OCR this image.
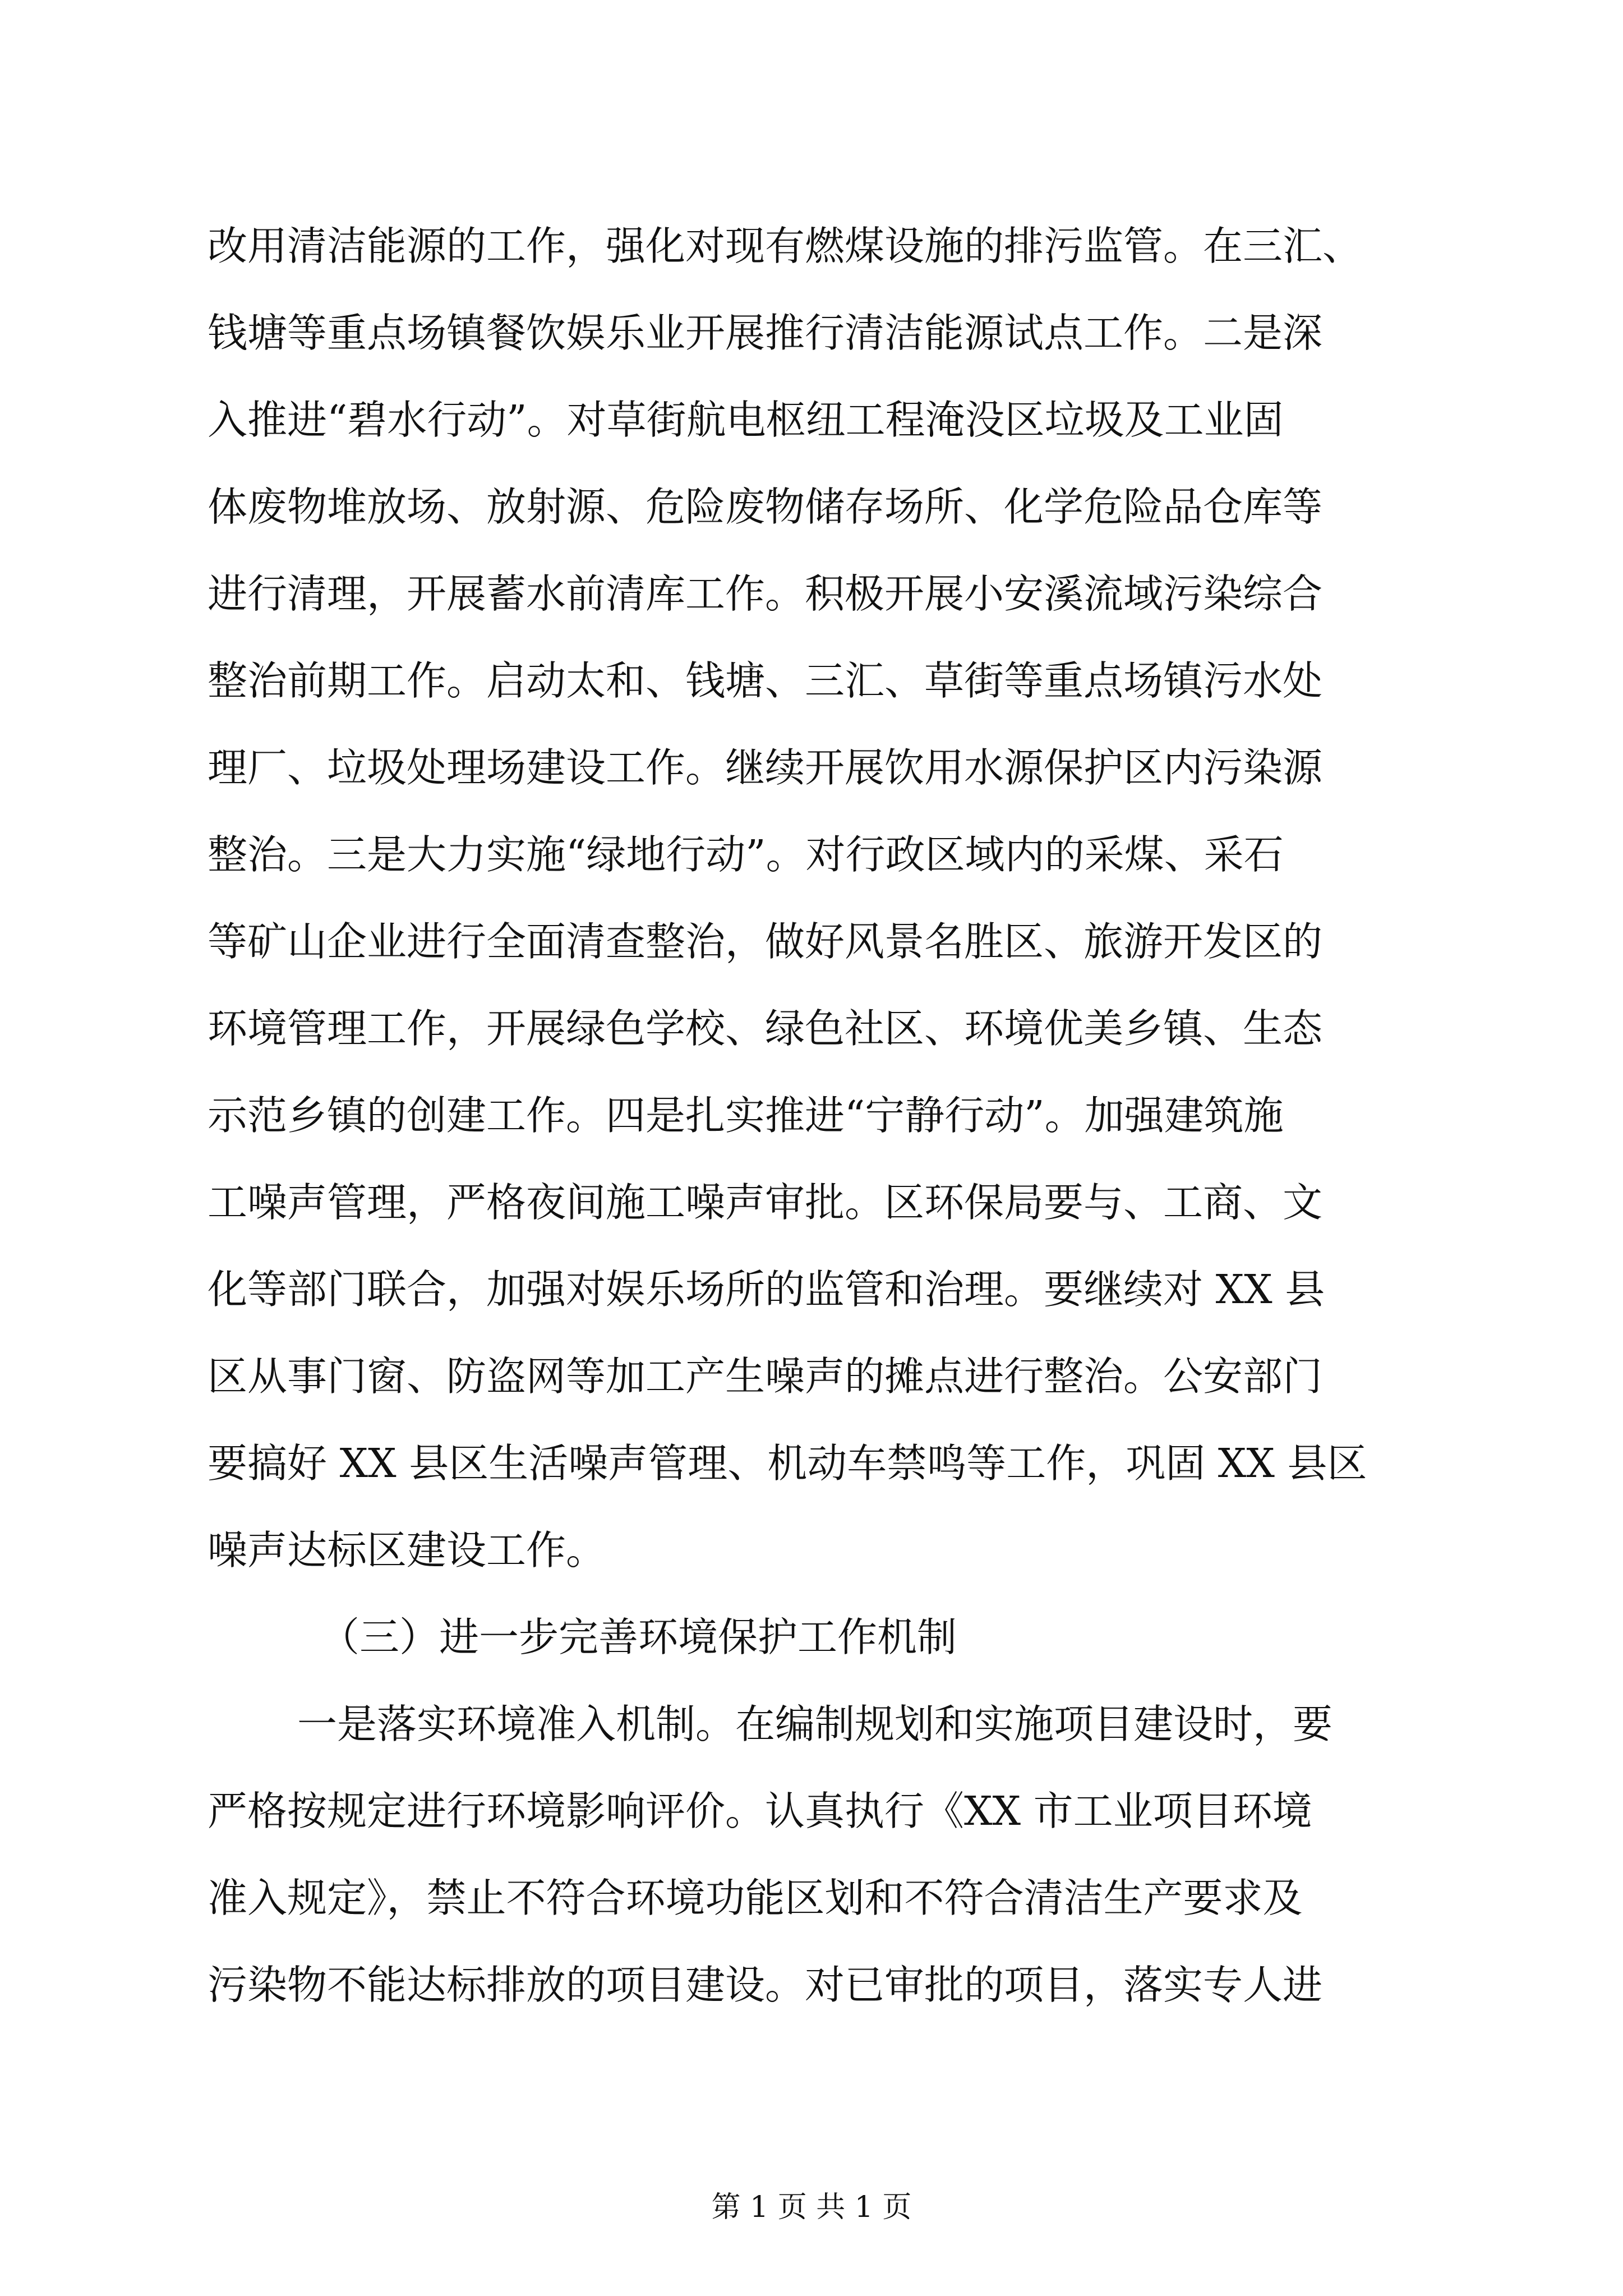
改用清洁能源的工作，强化对现有燃煤设施的排污监管。在三汇、
钱塘等重点场镇餐饮娱乐业开展推行清洁能源试点工作。二是深
入推进“碧水行动”。对草街航电枢纽工程淹没区垃圾及工业固
体废物堆放场、放射源、危险废物储存场所、化学危险品仓库等
进行清理，开展蓄水前清库工作。积极开展小安溪流域污染综合
整治前期工作。启动太和、钱塘、三汇、草街等重点场镇污水处
理厂、垃圾处理场建设工作。继续开展饮用水源保护区内污染源
整治。三是大力实施“绿地行动”。对行政区域内的采煤、采石
等矿山企业进行全面清查整治，做好风景名胜区、旅游开发区的
环境管理工作，开展绿色学校、绿色社区、环境优美乡镇、生态
示范乡镇的创建工作。四是扎实推进“宁静行动”。加强建筑施
工噪声管理，严格夜间施工噪声审批。区环保局要与、工商、文
化等部门联合，加强对娱乐场所的监管和治理。要继续对 XX 县
区从事门窗、防盗网等加工产生噪声的摊点进行整治。公安部门
要搞好 XX 县区生活噪声管理、机动车禁鸣等工作，巩固 XX 县区
噪声达标区建设工作。
（三）进一步完善环境保护工作机制
一是落实环境准入机制。在编制规划和实施项目建设时，要
严格按规定进行环境影响评价。认真执行《XX 市工业项目环境
准入规定》，禁止不符合环境功能区划和不符合清洁生产要求及
污染物不能达标排放的项目建设。对已审批的项目，落实专人进
第 1 页 共 1 页
